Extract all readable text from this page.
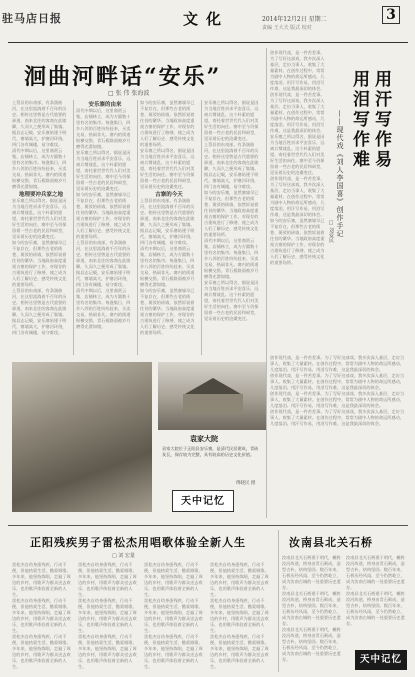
驻马店日报	文化	2014年12月2日 星期二	3
责编 王大夫 版式 校对
洄曲河畔话“安乐”
□ 张 伟 张海波

上蔡县的东南部，有条洄曲河，在这里流淌着千百年的历史。相传这里曾是古代重要的驿道，南来北往的客商在此歇脚，久而久之便形成了集镇。据县志记载，安乐寨始建于明代，寨墙高大，护寨河环绕，四门各有城楼，易守难攻。

清代中期以后，这里商贾云集，店铺林立，成为方圆数十里有名的集市。每逢集日，四乡八邻的百姓纷纷赶来，买卖交易，热闹非凡。寨内的街道纵横交错，青石板路面被岁月磨得光滑如镜。

地理要冲兵家之地

安乐寨之所以得名，据说是因为当地百姓祈求平安喜乐，远离兵燹战乱。这个朴素的愿望，寄托着世世代代人们对美好生活的向往。寨中至今仍保留着一些古老的民居和祠堂，见证着历史的沧桑变迁。

如今的安乐寨，虽然寨墙早已不复存在，但那些古老的街巷、斑驳的砖墙，依然诉说着往昔的繁华。当地政府高度重视古寨的保护工作，对现存的古建筑进行了修缮，使之成为人们了解历史、感受传统文化的重要场所。

上蔡县的东南部，有条洄曲河，在这里流淌着千百年的历史。相传这里曾是古代重要的驿道，南来北往的客商在此歇脚，久而久之便形成了集镇。据县志记载，安乐寨始建于明代，寨墙高大，护寨河环绕，四门各有城楼，易守难攻。

安乐寨的由来

清代中期以后，这里商贾云集，店铺林立，成为方圆数十里有名的集市。每逢集日，四乡八邻的百姓纷纷赶来，买卖交易，热闹非凡。寨内的街道纵横交错，青石板路面被岁月磨得光滑如镜。

安乐寨之所以得名，据说是因为当地百姓祈求平安喜乐，远离兵燹战乱。这个朴素的愿望，寄托着世世代代人们对美好生活的向往。寨中至今仍保留着一些古老的民居和祠堂，见证着历史的沧桑变迁。

如今的安乐寨，虽然寨墙早已不复存在，但那些古老的街巷、斑驳的砖墙，依然诉说着往昔的繁华。当地政府高度重视古寨的保护工作，对现存的古建筑进行了修缮，使之成为人们了解历史、感受传统文化的重要场所。

上蔡县的东南部，有条洄曲河，在这里流淌着千百年的历史。相传这里曾是古代重要的驿道，南来北往的客商在此歇脚，久而久之便形成了集镇。据县志记载，安乐寨始建于明代，寨墙高大，护寨河环绕，四门各有城楼，易守难攻。

清代中期以后，这里商贾云集，店铺林立，成为方圆数十里有名的集市。每逢集日，四乡八邻的百姓纷纷赶来，买卖交易，热闹非凡。寨内的街道纵横交错，青石板路面被岁月磨得光滑如镜。

如今的安乐寨，虽然寨墙早已不复存在，但那些古老的街巷、斑驳的砖墙，依然诉说着往昔的繁华。当地政府高度重视古寨的保护工作，对现存的古建筑进行了修缮，使之成为人们了解历史、感受传统文化的重要场所。

安乐寨之所以得名，据说是因为当地百姓祈求平安喜乐，远离兵燹战乱。这个朴素的愿望，寄托着世世代代人们对美好生活的向往。寨中至今仍保留着一些古老的民居和祠堂，见证着历史的沧桑变迁。

古寨的今天

上蔡县的东南部，有条洄曲河，在这里流淌着千百年的历史。相传这里曾是古代重要的驿道，南来北往的客商在此歇脚，久而久之便形成了集镇。据县志记载，安乐寨始建于明代，寨墙高大，护寨河环绕，四门各有城楼，易守难攻。

清代中期以后，这里商贾云集，店铺林立，成为方圆数十里有名的集市。每逢集日，四乡八邻的百姓纷纷赶来，买卖交易，热闹非凡。寨内的街道纵横交错，青石板路面被岁月磨得光滑如镜。

如今的安乐寨，虽然寨墙早已不复存在，但那些古老的街巷、斑驳的砖墙，依然诉说着往昔的繁华。当地政府高度重视古寨的保护工作，对现存的古建筑进行了修缮，使之成为人们了解历史、感受传统文化的重要场所。

安乐寨之所以得名，据说是因为当地百姓祈求平安喜乐，远离兵燹战乱。这个朴素的愿望，寄托着世世代代人们对美好生活的向往。寨中至今仍保留着一些古老的民居和祠堂，见证着历史的沧桑变迁。

上蔡县的东南部，有条洄曲河，在这里流淌着千百年的历史。相传这里曾是古代重要的驿道，南来北往的客商在此歇脚，久而久之便形成了集镇。据县志记载，安乐寨始建于明代，寨墙高大，护寨河环绕，四门各有城楼，易守难攻。

如今的安乐寨，虽然寨墙早已不复存在，但那些古老的街巷、斑驳的砖墙，依然诉说着往昔的繁华。当地政府高度重视古寨的保护工作，对现存的古建筑进行了修缮，使之成为人们了解历史、感受传统文化的重要场所。

清代中期以后，这里商贾云集，店铺林立，成为方圆数十里有名的集市。每逢集日，四乡八邻的百姓纷纷赶来，买卖交易，热闹非凡。寨内的街道纵横交错，青石板路面被岁月磨得光滑如镜。

安乐寨之所以得名，据说是因为当地百姓祈求平安喜乐，远离兵燹战乱。这个朴素的愿望，寄托着世世代代人们对美好生活的向往。寨中至今仍保留着一些古老的民居和祠堂，见证着历史的沧桑变迁。

创作现代戏，是一件苦差事。为了写好这部戏，我多次深入基层，走访当事人，收集了大量素材。在创作过程中，常常为剧中人物的命运所感动，几度落泪。用汗写作易，用泪写作难，这是我最深切的体会。

创作现代戏，是一件苦差事。为了写好这部戏，我多次深入基层，走访当事人，收集了大量素材。在创作过程中，常常为剧中人物的命运所感动，几度落泪。用汗写作易，用泪写作难，这是我最深切的体会。

安乐寨之所以得名，据说是因为当地百姓祈求平安喜乐，远离兵燹战乱。这个朴素的愿望，寄托着世世代代人们对美好生活的向往。寨中至今仍保留着一些古老的民居和祠堂，见证着历史的沧桑变迁。

创作现代戏，是一件苦差事。为了写好这部戏，我多次深入基层，走访当事人，收集了大量素材。在创作过程中，常常为剧中人物的命运所感动，几度落泪。用汗写作易，用泪写作难，这是我最深切的体会。

如今的安乐寨，虽然寨墙早已不复存在，但那些古老的街巷、斑驳的砖墙，依然诉说着往昔的繁华。当地政府高度重视古寨的保护工作，对现存的古建筑进行了修缮，使之成为人们了解历史、感受传统文化的重要场所。

用汗写作易
用泪写作难
——现代戏《刘人李国喜》创作手记
□ 刘爱民

创作现代戏，是一件苦差事。为了写好这部戏，我多次深入基层，走访当事人，收集了大量素材。在创作过程中，常常为剧中人物的命运所感动，几度落泪。用汗写作易，用泪写作难，这是我最深切的体会。

创作现代戏，是一件苦差事。为了写好这部戏，我多次深入基层，走访当事人，收集了大量素材。在创作过程中，常常为剧中人物的命运所感动，几度落泪。用汗写作易，用泪写作难，这是我最深切的体会。

创作现代戏，是一件苦差事。为了写好这部戏，我多次深入基层，走访当事人，收集了大量素材。在创作过程中，常常为剧中人物的命运所感动，几度落泪。用汗写作易，用泪写作难，这是我最深切的体会。

创作现代戏，是一件苦差事。为了写好这部戏，我多次深入基层，走访当事人，收集了大量素材。在创作过程中，常常为剧中人物的命运所感动，几度落泪。用汗写作易，用泪写作难，这是我最深切的体会。

袁家大院

袁家大院位于正阳县安乐寨，是清代民居建筑，青砖灰瓦，保存较为完整，具有较高的历史文化价值。

傅晓民 摄
天中记忆
正阳残疾男子雷松杰用唱歌体验全新人生
□ 刘 宏量
汝南县北关石桥

雷松杰自幼身患残疾，行动不便，但他热爱生活，酷爱唱歌。多年来，他坚持练唱，走遍了周边的乡村，用歌声为群众送去欢乐，也用歌声体验着全新的人生。

雷松杰自幼身患残疾，行动不便，但他热爱生活，酷爱唱歌。多年来，他坚持练唱，走遍了周边的乡村，用歌声为群众送去欢乐，也用歌声体验着全新的人生。

雷松杰自幼身患残疾，行动不便，但他热爱生活，酷爱唱歌。多年来，他坚持练唱，走遍了周边的乡村，用歌声为群众送去欢乐，也用歌声体验着全新的人生。

雷松杰自幼身患残疾，行动不便，但他热爱生活，酷爱唱歌。多年来，他坚持练唱，走遍了周边的乡村，用歌声为群众送去欢乐，也用歌声体验着全新的人生。

雷松杰自幼身患残疾，行动不便，但他热爱生活，酷爱唱歌。多年来，他坚持练唱，走遍了周边的乡村，用歌声为群众送去欢乐，也用歌声体验着全新的人生。

雷松杰自幼身患残疾，行动不便，但他热爱生活，酷爱唱歌。多年来，他坚持练唱，走遍了周边的乡村，用歌声为群众送去欢乐，也用歌声体验着全新的人生。

雷松杰自幼身患残疾，行动不便，但他热爱生活，酷爱唱歌。多年来，他坚持练唱，走遍了周边的乡村，用歌声为群众送去欢乐，也用歌声体验着全新的人生。

雷松杰自幼身患残疾，行动不便，但他热爱生活，酷爱唱歌。多年来，他坚持练唱，走遍了周边的乡村，用歌声为群众送去欢乐，也用歌声体验着全新的人生。

雷松杰自幼身患残疾，行动不便，但他热爱生活，酷爱唱歌。多年来，他坚持练唱，走遍了周边的乡村，用歌声为群众送去欢乐，也用歌声体验着全新的人生。

雷松杰自幼身患残疾，行动不便，但他热爱生活，酷爱唱歌。多年来，他坚持练唱，走遍了周边的乡村，用歌声为群众送去欢乐，也用歌声体验着全新的人生。

雷松杰自幼身患残疾，行动不便，但他热爱生活，酷爱唱歌。多年来，他坚持练唱，走遍了周边的乡村，用歌声为群众送去欢乐，也用歌声体验着全新的人生。

雷松杰自幼身患残疾，行动不便，但他热爱生活，酷爱唱歌。多年来，他坚持练唱，走遍了周边的乡村，用歌声为群众送去欢乐，也用歌声体验着全新的人生。

汝南县北关石桥建于明代，横跨汝河故道，桥身由青石砌成，造型古朴，结构坚固。数百年来，石桥历经风雨，至今仍然屹立，成为汝南古城的一处重要历史遗存。

汝南县北关石桥建于明代，横跨汝河故道，桥身由青石砌成，造型古朴，结构坚固。数百年来，石桥历经风雨，至今仍然屹立，成为汝南古城的一处重要历史遗存。

汝南县北关石桥建于明代，横跨汝河故道，桥身由青石砌成，造型古朴，结构坚固。数百年来，石桥历经风雨，至今仍然屹立，成为汝南古城的一处重要历史遗存。

汝南县北关石桥建于明代，横跨汝河故道，桥身由青石砌成，造型古朴，结构坚固。数百年来，石桥历经风雨，至今仍然屹立，成为汝南古城的一处重要历史遗存。

汝南县北关石桥建于明代，横跨汝河故道，桥身由青石砌成，造型古朴，结构坚固。数百年来，石桥历经风雨，至今仍然屹立，成为汝南古城的一处重要历史遗存。

天中记忆
